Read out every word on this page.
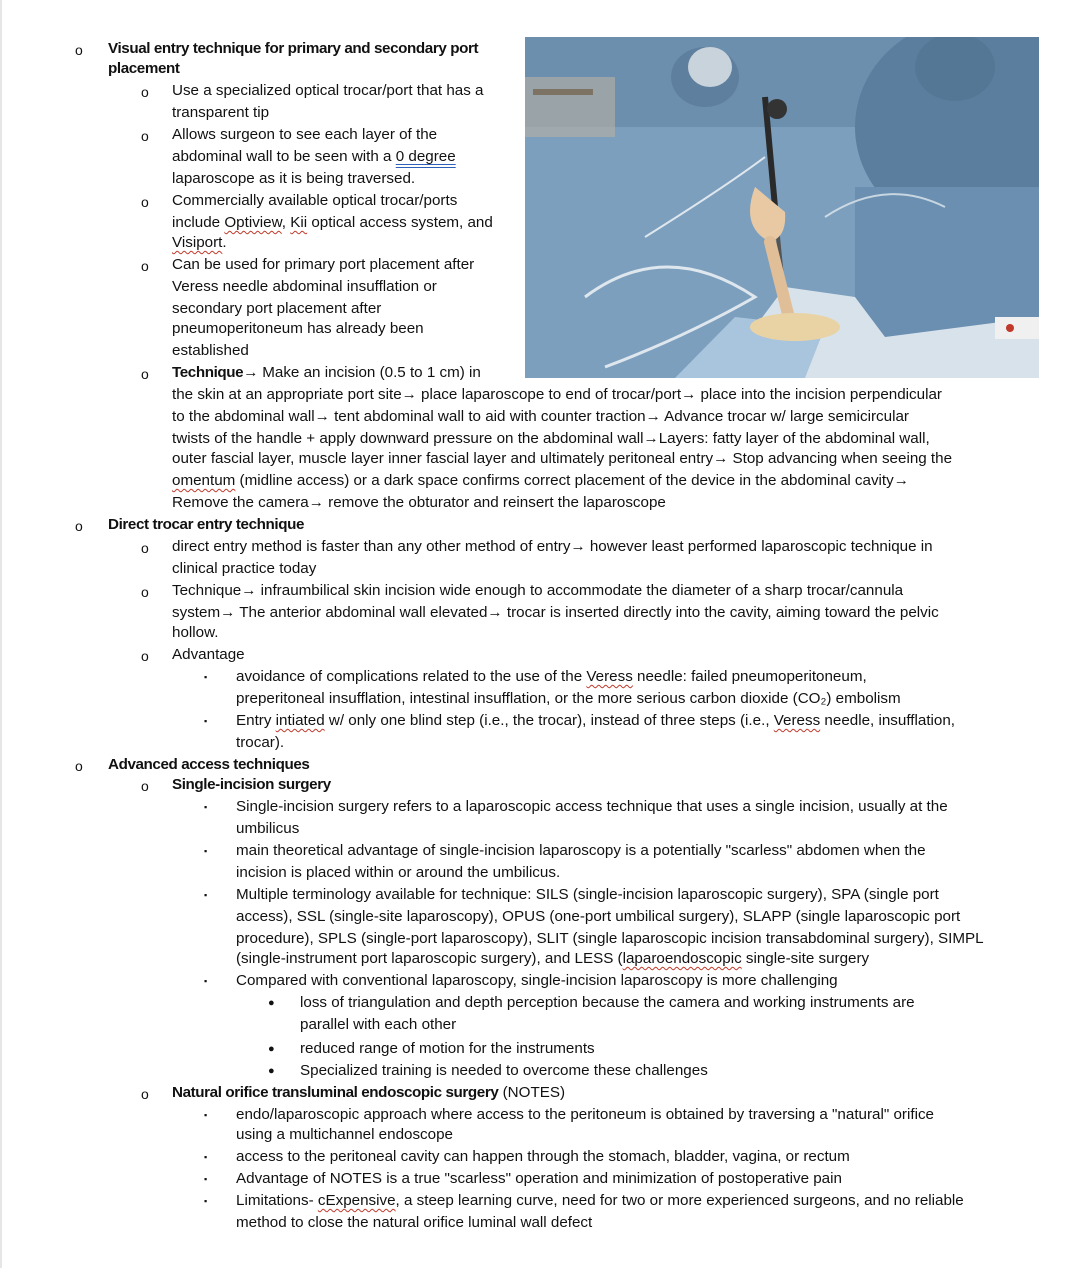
o Visual entry technique for primary and secondary port
placement
o Use a specialized optical trocar/port that has a
transparent tip
o Allows surgeon to see each layer of the
abdominal wall to be seen with a 0 degree
laparoscope as it is being traversed.
o Commercially available optical trocar/ports
include Optiview, Kii optical access system, and
Visiport.
o Can be used for primary port placement after
Veress needle abdominal insufflation or
secondary port placement after
pneumoperitoneum has already been
established
o Technique→ Make an incision (0.5 to 1 cm) in
the skin at an appropriate port site→ place laparoscope to end of trocar/port→ place into the incision perpendicular
to the abdominal wall→ tent abdominal wall to aid with counter traction→ Advance trocar w/ large semicircular
twists of the handle + apply downward pressure on the abdominal wall→Layers: fatty layer of the abdominal wall,
outer fascial layer, muscle layer inner fascial layer and ultimately peritoneal entry→ Stop advancing when seeing the
omentum (midline access) or a dark space confirms correct placement of the device in the abdominal cavity→
Remove the camera→ remove the obturator and reinsert the laparoscope
o Direct trocar entry technique
o direct entry method is faster than any other method of entry→ however least performed laparoscopic technique in
clinical practice today
o Technique→ infraumbilical skin incision wide enough to accommodate the diameter of a sharp trocar/cannula
system→ The anterior abdominal wall elevated→ trocar is inserted directly into the cavity, aiming toward the pelvic
hollow.
o Advantage
▪ avoidance of complications related to the use of the Veress needle: failed pneumoperitoneum,
preperitoneal insufflation, intestinal insufflation, or the more serious carbon dioxide (CO₂) embolism
▪ Entry intiated w/ only one blind step (i.e., the trocar), instead of three steps (i.e., Veress needle, insufflation,
trocar).
o Advanced access techniques
o Single-incision surgery
▪ Single-incision surgery refers to a laparoscopic access technique that uses a single incision, usually at the
umbilicus
▪ main theoretical advantage of single-incision laparoscopy is a potentially "scarless" abdomen when the
incision is placed within or around the umbilicus.
▪ Multiple terminology available for technique: SILS (single-incision laparoscopic surgery), SPA (single port
access), SSL (single-site laparoscopy), OPUS (one-port umbilical surgery), SLAPP (single laparoscopic port
procedure), SPLS (single-port laparoscopy), SLIT (single laparoscopic incision transabdominal surgery), SIMPL
(single-instrument port laparoscopic surgery), and LESS (laparoendoscopic single-site surgery
▪ Compared with conventional laparoscopy, single-incision laparoscopy is more challenging
● loss of triangulation and depth perception because the camera and working instruments are
parallel with each other
● reduced range of motion for the instruments
● Specialized training is needed to overcome these challenges
o Natural orifice transluminal endoscopic surgery (NOTES)
▪ endo/laparoscopic approach where access to the peritoneum is obtained by traversing a "natural" orifice
using a multichannel endoscope
▪ access to the peritoneal cavity can happen through the stomach, bladder, vagina, or rectum
▪ Advantage of NOTES is a true "scarless" operation and minimization of postoperative pain
▪ Limitations- cExpensive, a steep learning curve, need for two or more experienced surgeons, and no reliable
method to close the natural orifice luminal wall defect
